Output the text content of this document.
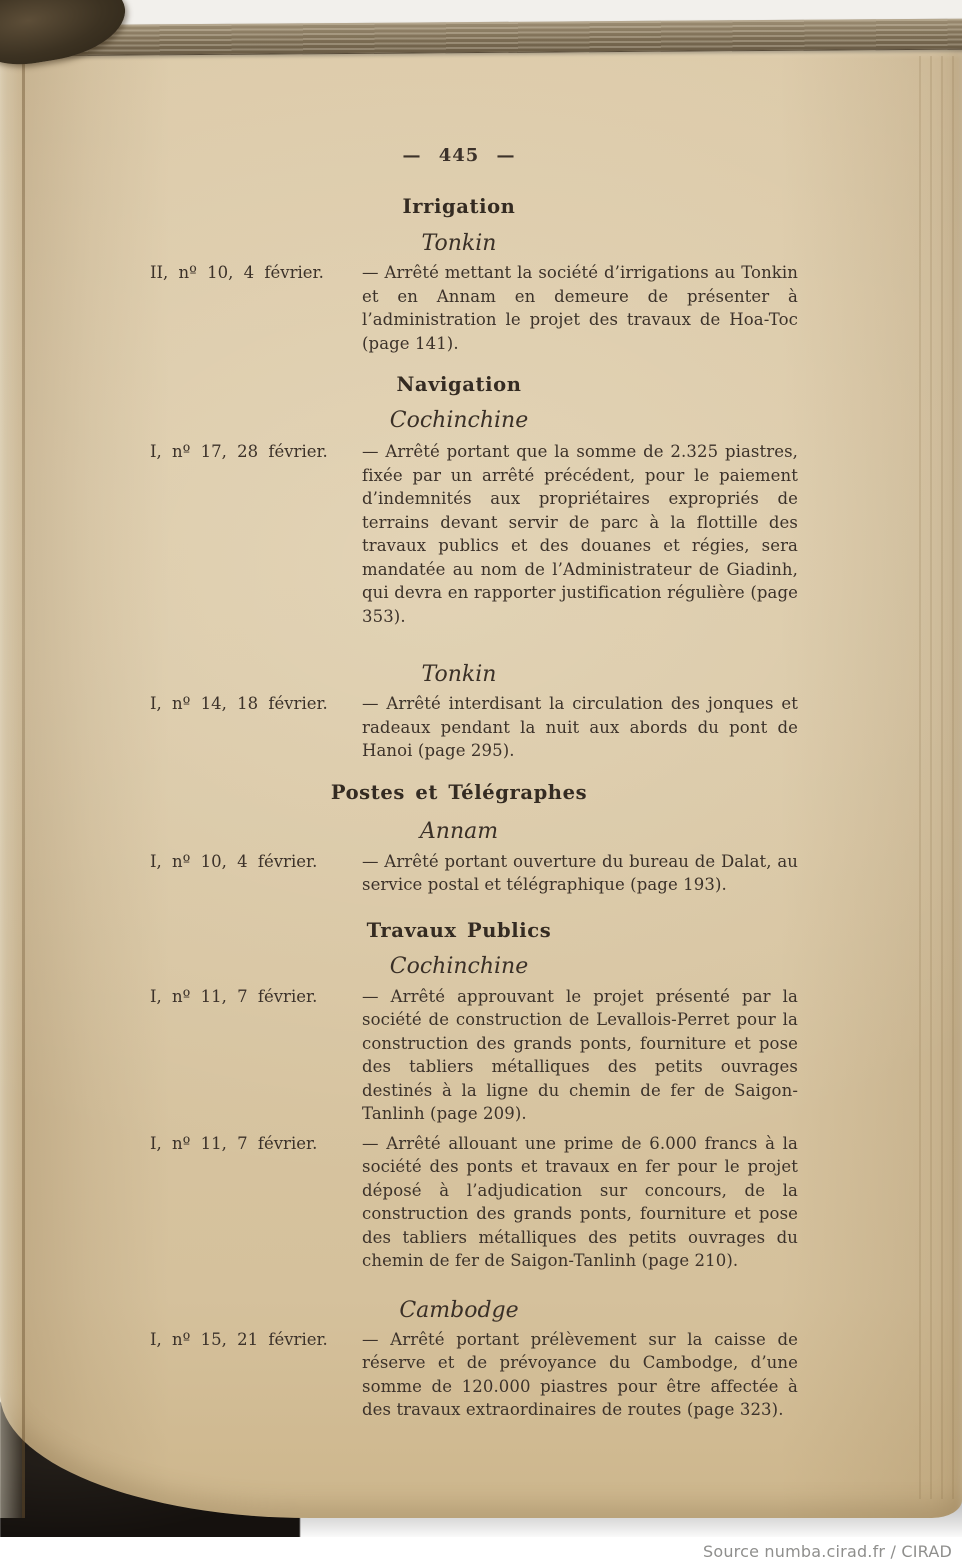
— 445 —
Irrigation
Tonkin
II, nº 10, 4 février.	— Arrêté mettant la société d’irrigations au Tonkin et en Annam en demeure de présenter à l’administration le projet des travaux de Hoa-Toc (page 141).
Navigation
Cochinchine
I, nº 17, 28 février.	— Arrêté portant que la somme de 2.325 piastres, fixée par un arrêté précédent, pour le paiement d’indemnités aux propriétaires expropriés de terrains devant servir de parc à la flottille des travaux publics et des douanes et régies, sera mandatée au nom de l’Administrateur de Giadinh, qui devra en rapporter justification régulière (page 353).
Tonkin
I, nº 14, 18 février.	— Arrêté interdisant la circulation des jonques et radeaux pendant la nuit aux abords du pont de Hanoi (page 295).
Postes et Télégraphes
Annam
I, nº 10, 4 février.	— Arrêté portant ouverture du bureau de Dalat, au service postal et télégraphique (page 193).
Travaux Publics
Cochinchine
I, nº 11, 7 février.	— Arrêté approuvant le projet présenté par la société de construction de Levallois-Perret pour la construction des grands ponts, fourniture et pose des tabliers métalliques des petits ouvrages destinés à la ligne du chemin de fer de Saigon-Tanlinh (page 209).
I, nº 11, 7 février.	— Arrêté allouant une prime de 6.000 francs à la société des ponts et travaux en fer pour le projet déposé à l’adjudication sur concours, de la construction des grands ponts, fourniture et pose des tabliers métalliques des petits ouvrages du chemin de fer de Saigon-Tanlinh (page 210).
Cambodge
I, nº 15, 21 février.	— Arrêté portant prélèvement sur la caisse de réserve et de prévoyance du Cambodge, d’une somme de 120.000 piastres pour être affectée à des travaux extraordinaires de routes (page 323).
Source numba.cirad.fr / CIRAD
